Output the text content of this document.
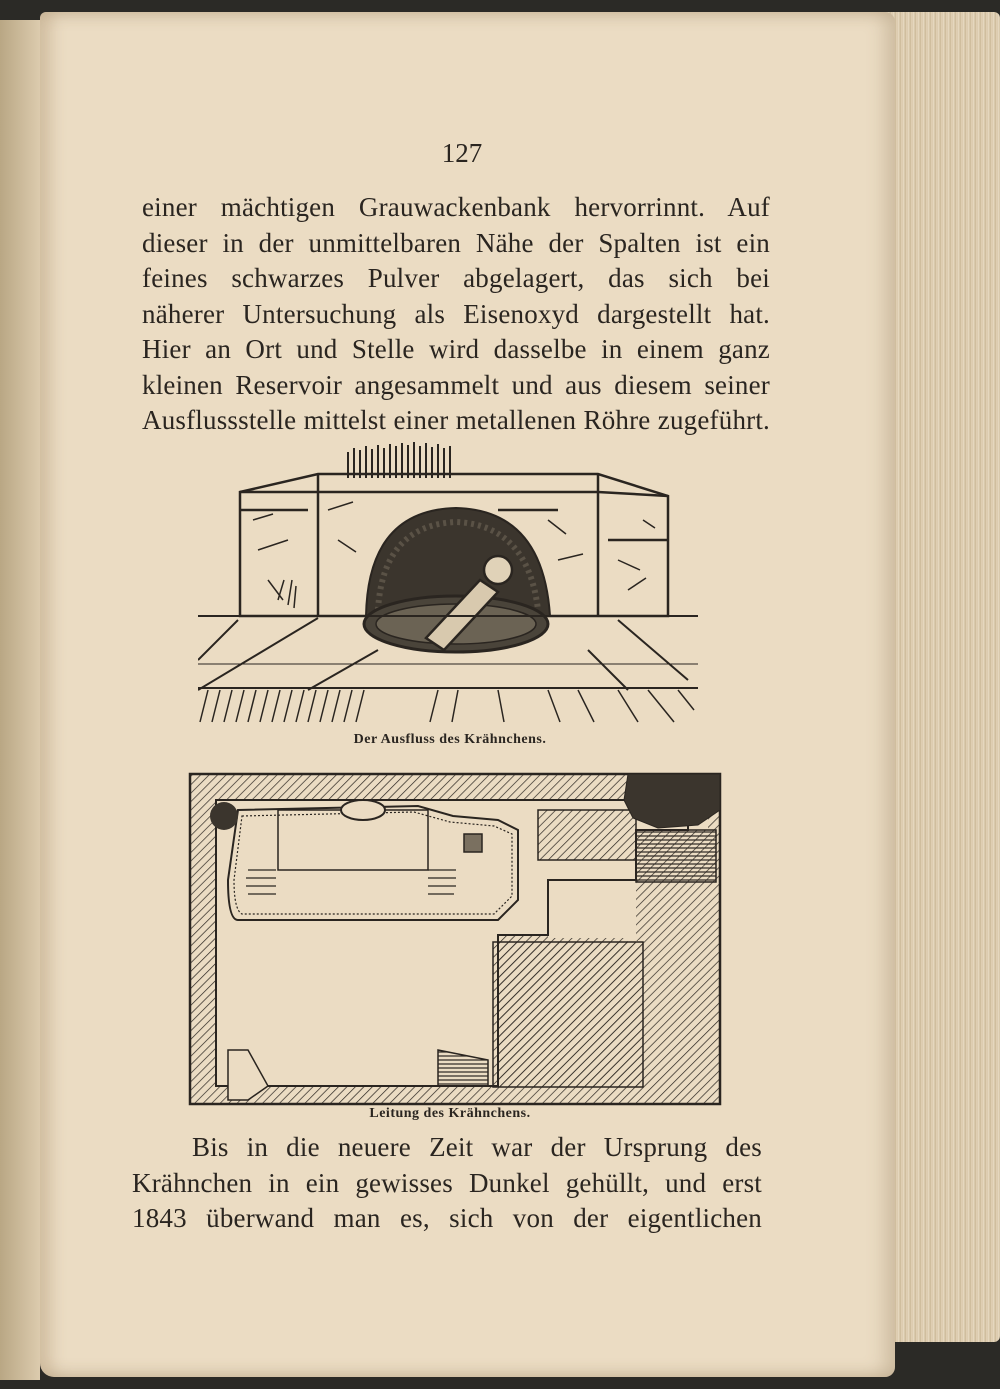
127

einer mächtigen Grauwackenbank hervorrinnt. Auf

dieser in der unmittelbaren Nähe der Spalten ist ein

feines schwarzes Pulver abgelagert, das sich bei

näherer Untersuchung als Eisenoxyd dargestellt hat.

Hier an Ort und Stelle wird dasselbe in einem ganz

kleinen Reservoir angesammelt und aus diesem seiner

Ausflussstelle mittelst einer metallenen Röhre zugeführt.

Der Ausfluss des Krähnchens.
Leitung des Krähnchens.

Bis in die neuere Zeit war der Ursprung des

Krähnchen in ein gewisses Dunkel gehüllt, und erst

1843 überwand man es, sich von der eigentlichen
